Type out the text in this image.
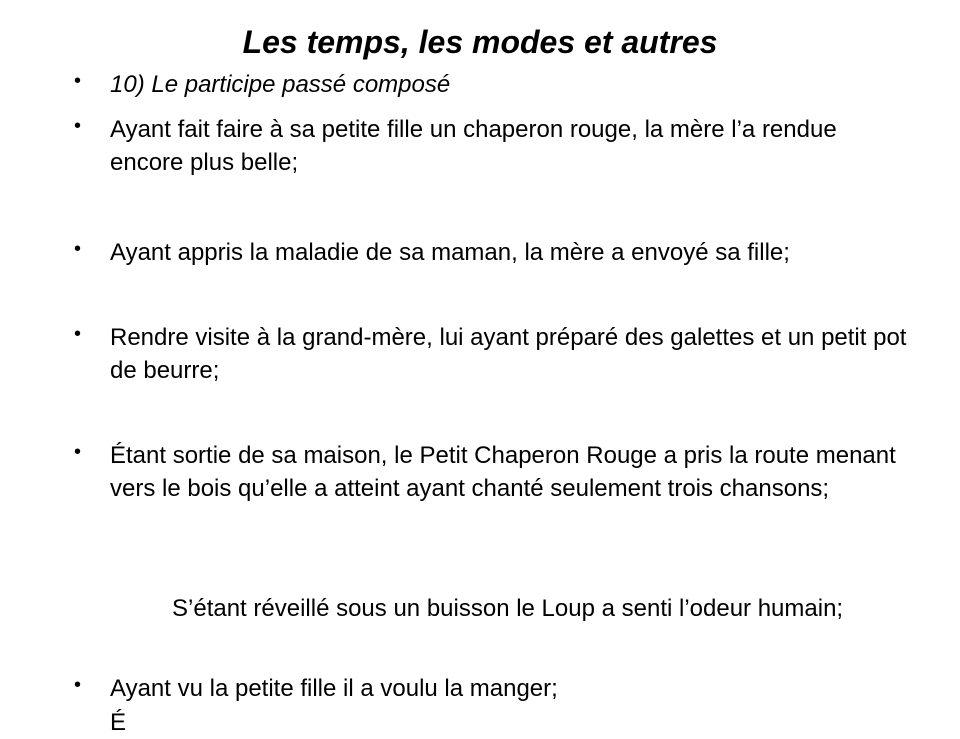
Les temps, les modes et autres
• 10) Le participe passé composé
• Ayant fait faire à sa petite fille un chaperon rouge, la mère l’a rendue encore plus belle;
• Ayant appris la maladie de sa maman, la mère a envoyé sa fille;
• Rendre visite à la grand-mère, lui ayant préparé des galettes et un petit pot de beurre;
• Étant sortie de sa maison, le Petit Chaperon Rouge a pris la route menant vers le bois qu’elle a atteint ayant chanté seulement trois chansons;

S’étant réveillé sous un buisson le Loup a senti l’odeur humain;

• Ayant vu la petite fille il a voulu la manger;
É
